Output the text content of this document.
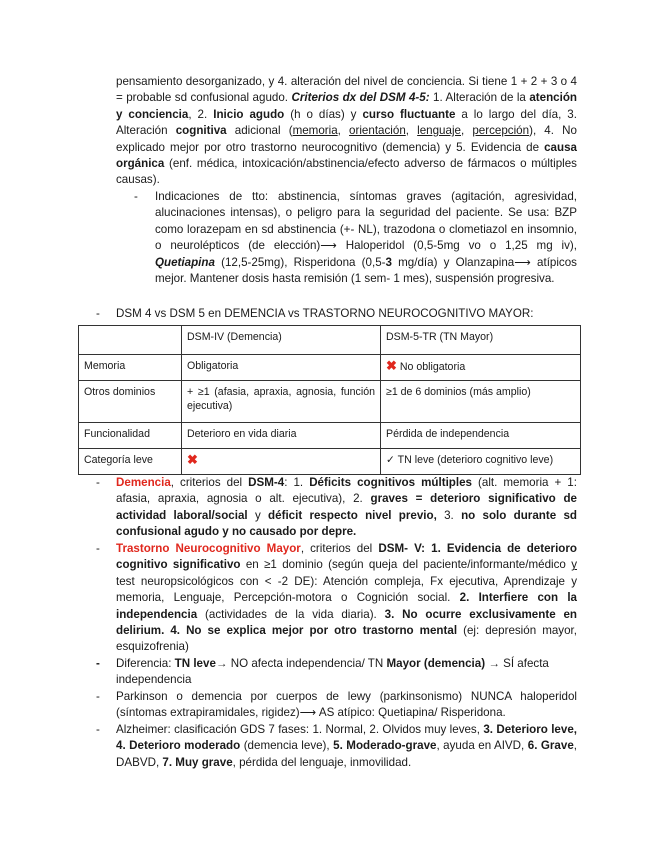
pensamiento desorganizado, y 4. alteración del nivel de conciencia. Si tiene 1 + 2 + 3 o 4 = probable sd confusional agudo. Criterios dx del DSM 4-5: 1. Alteración de la atención y conciencia, 2. Inicio agudo (h o días) y curso fluctuante a lo largo del día, 3. Alteración cognitiva adicional (memoria, orientación, lenguaje, percepción), 4. No explicado mejor por otro trastorno neurocognitivo (demencia) y 5. Evidencia de causa orgánica (enf. médica, intoxicación/abstinencia/efecto adverso de fármacos o múltiples causas).

-	Indicaciones de tto: abstinencia, síntomas graves (agitación, agresividad, alucinaciones intensas), o peligro para la seguridad del paciente. Se usa: BZP como lorazepam en sd abstinencia (+- NL), trazodona o clometiazol en insomnio, o neurolépticos (de elección)⟶ Haloperidol (0,5-5mg vo o 1,25 mg iv), Quetiapina (12,5-25mg), Risperidona (0,5-3 mg/día) y Olanzapina⟶ atípicos mejor. Mantener dosis hasta remisión (1 sem- 1 mes), suspensión progresiva.

-	DSM 4 vs DSM 5 en DEMENCIA vs TRASTORNO NEUROCOGNITIVO MAYOR:

	DSM-IV (Demencia)	DSM-5-TR (TN Mayor)
Memoria	Obligatoria	✖ No obligatoria
Otros dominios	+ ≥1 (afasia, apraxia, agnosia, función ejecutiva)	≥1 de 6 dominios (más amplio)
Funcionalidad	Deterioro en vida diaria	Pérdida de independencia
Categoría leve	✖	✓ TN leve (deterioro cognitivo leve)
-	Demencia, criterios del DSM-4: 1. Déficits cognitivos múltiples (alt. memoria + 1: afasia, apraxia, agnosia o alt. ejecutiva), 2. graves = deterioro significativo de actividad laboral/social y déficit respecto nivel previo, 3. no solo durante sd confusional agudo y no causado por depre.

-	Trastorno Neurocognitivo Mayor, criterios del DSM- V: 1. Evidencia de deterioro cognitivo significativo en ≥1 dominio (según queja del paciente/informante/médico y test neuropsicológicos con < -2 DE): Atención compleja, Fx ejecutiva, Aprendizaje y memoria, Lenguaje, Percepción-motora o Cognición social. 2. Interfiere con la independencia (actividades de la vida diaria). 3. No ocurre exclusivamente en delirium. 4. No se explica mejor por otro trastorno mental (ej: depresión mayor, esquizofrenia)

-	Diferencia: TN leve→ NO afecta independencia/ TN Mayor (demencia) → SÍ afecta independencia

-	Parkinson o demencia por cuerpos de lewy (parkinsonismo) NUNCA haloperidol (síntomas extrapiramidales, rigidez)⟶ AS atípico: Quetiapina/ Risperidona.

-	Alzheimer: clasificación GDS 7 fases: 1. Normal, 2. Olvidos muy leves, 3. Deterioro leve, 4. Deterioro moderado (demencia leve), 5. Moderado-grave, ayuda en AIVD, 6. Grave, DABVD, 7. Muy grave, pérdida del lenguaje, inmovilidad.
